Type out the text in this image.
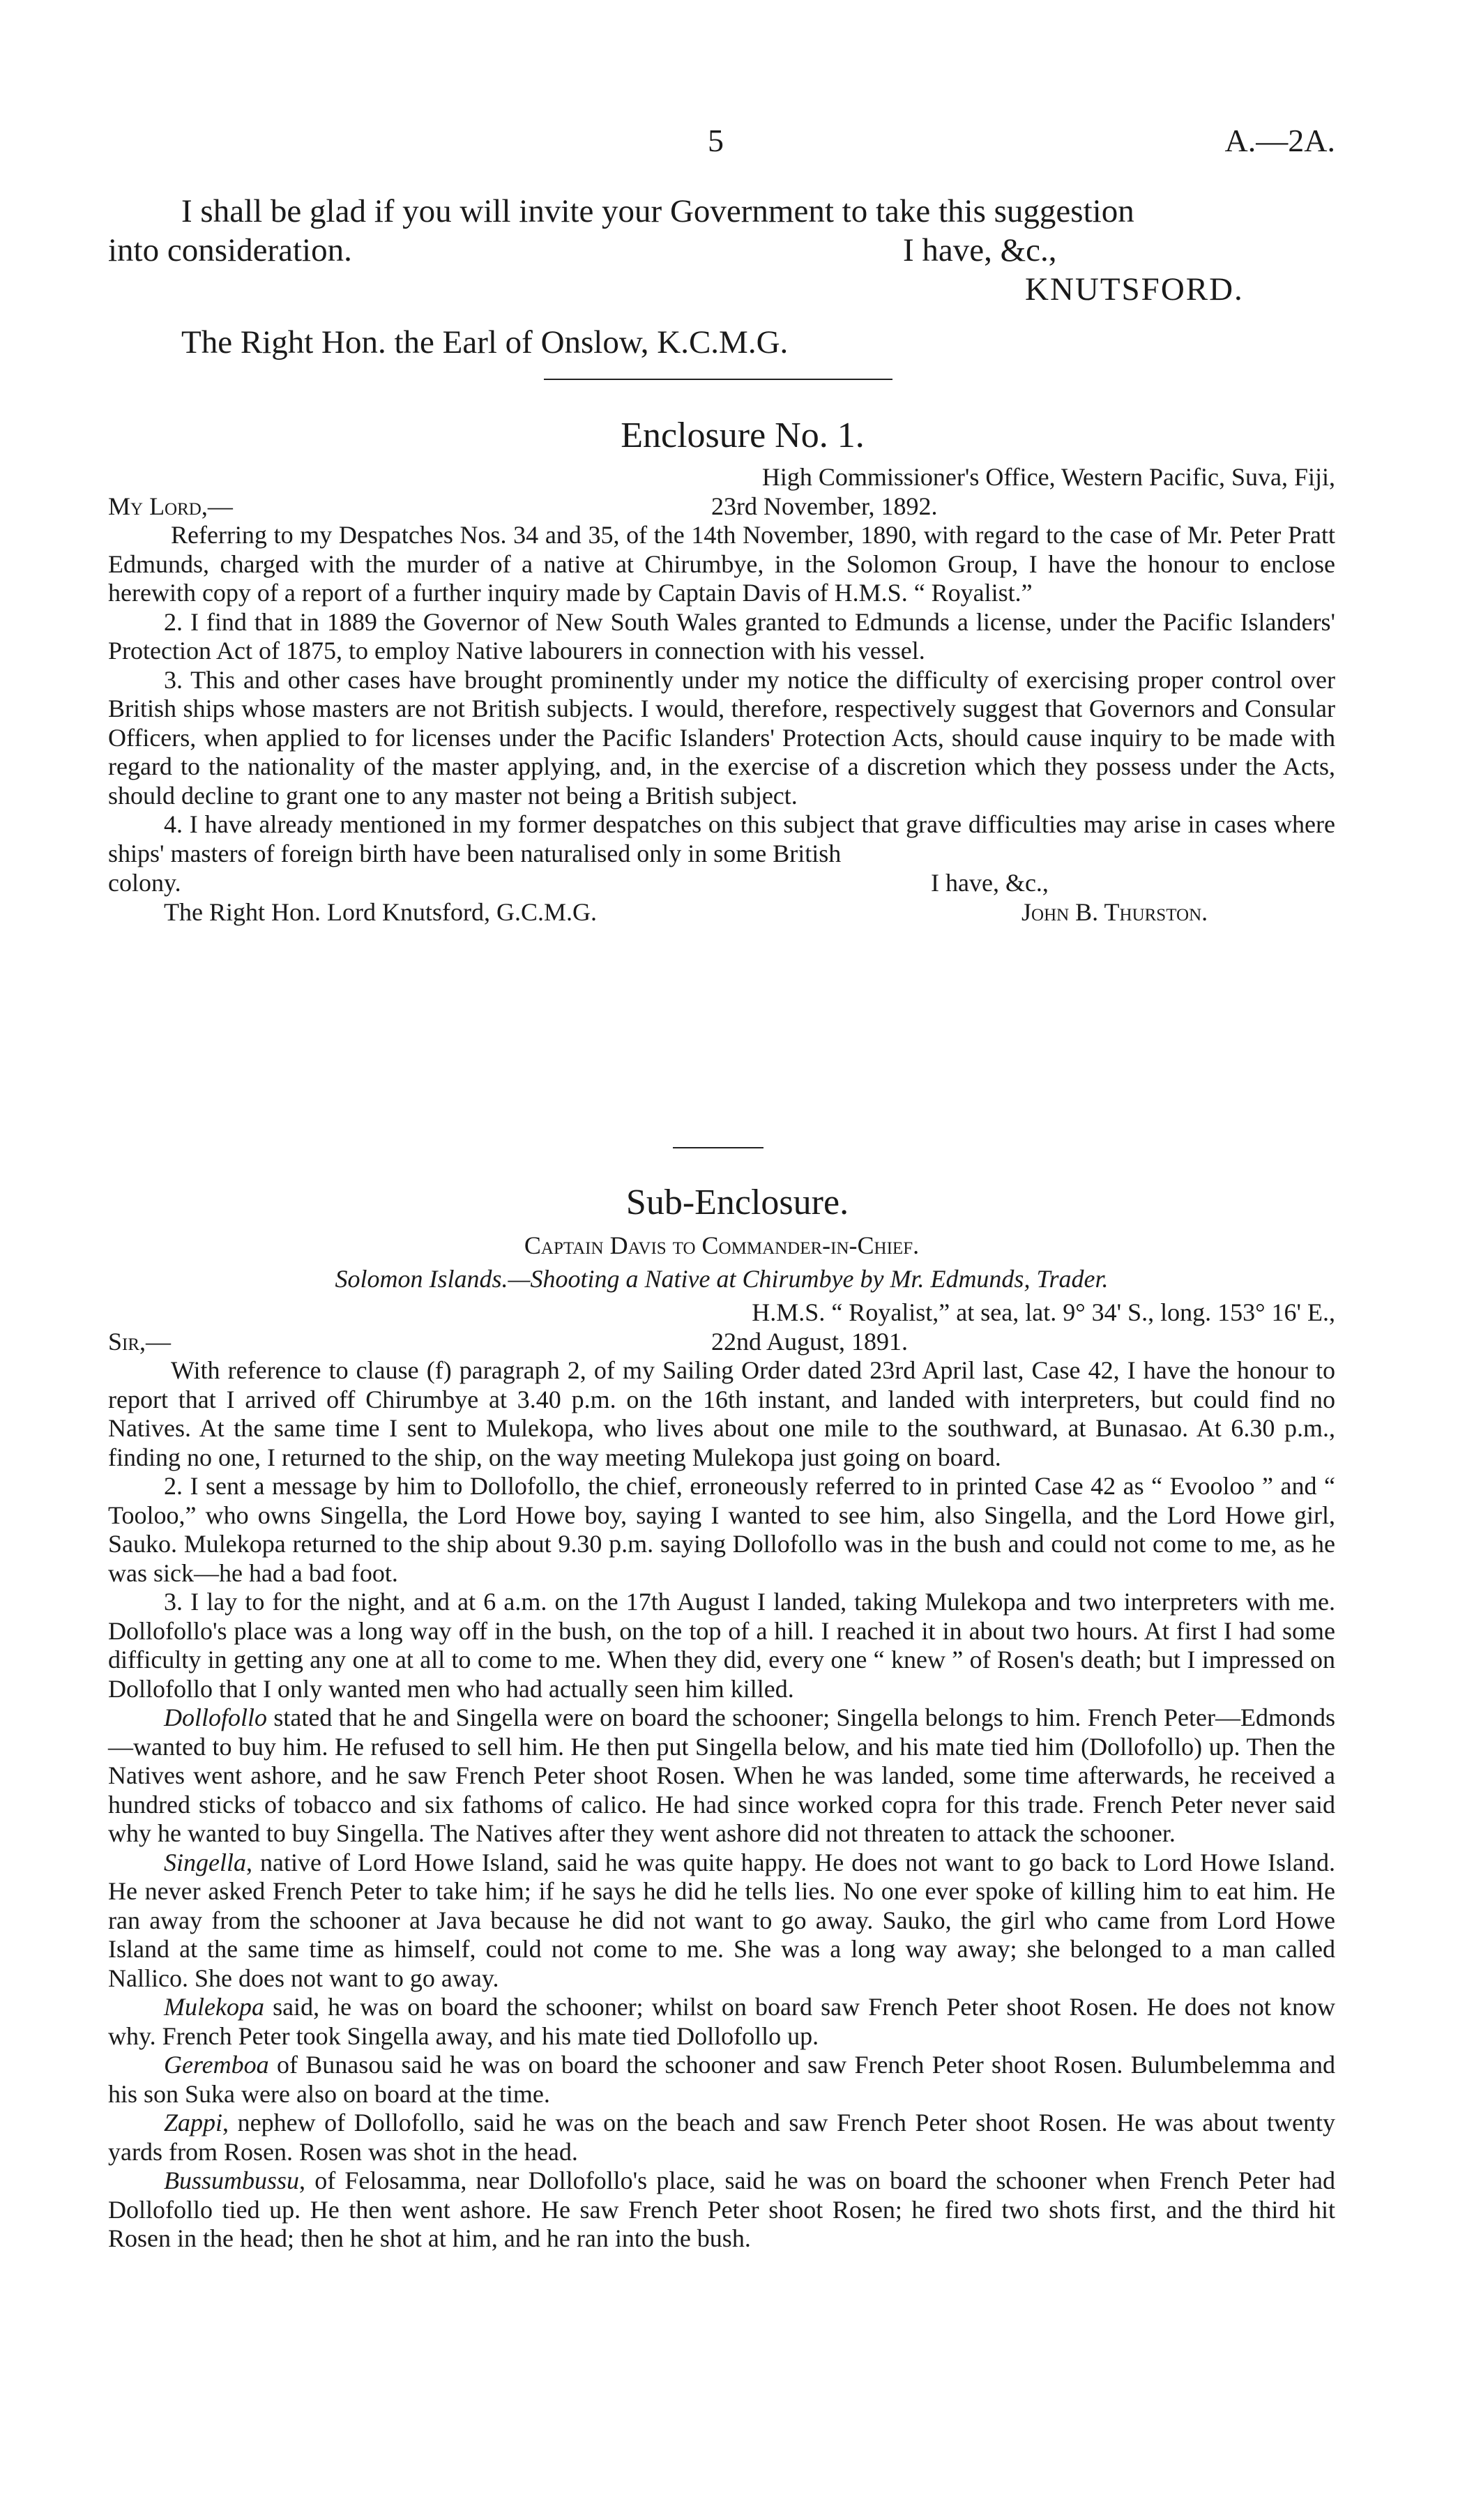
5	A.—2A.
I shall be glad if you will invite your Government to take this suggestion
into consideration.	I have, &c.,
KNUTSFORD.
The Right Hon. the Earl of Onslow, K.C.M.G.
Enclosure No. 1.
High Commissioner's Office, Western Pacific, Suva, Fiji,
My Lord,—	23rd November, 1892.

Referring to my Despatches Nos. 34 and 35, of the 14th November, 1890, with regard to the case of Mr. Peter Pratt Edmunds, charged with the murder of a native at Chirumbye, in the Solomon Group, I have the honour to enclose herewith copy of a report of a further inquiry made by Captain Davis of H.M.S. “ Royalist.”

2. I find that in 1889 the Governor of New South Wales granted to Edmunds a license, under the Pacific Islanders' Protection Act of 1875, to employ Native labourers in connection with his vessel.

3. This and other cases have brought prominently under my notice the difficulty of exercising proper control over British ships whose masters are not British subjects. I would, therefore, respectively suggest that Governors and Consular Officers, when applied to for licenses under the Pacific Islanders' Protection Acts, should cause inquiry to be made with regard to the nationality of the master applying, and, in the exercise of a discretion which they possess under the Acts, should decline to grant one to any master not being a British subject.

4. I have already mentioned in my former despatches on this subject that grave difficulties may arise in cases where ships' masters of foreign birth have been naturalised only in some British

colony.	I have, &c.,
The Right Hon. Lord Knutsford, G.C.M.G.	John B. Thurston.
Sub-Enclosure.
Captain Davis to Commander-in-Chief.
Solomon Islands.—Shooting a Native at Chirumbye by Mr. Edmunds, Trader.
H.M.S. “ Royalist,” at sea, lat. 9° 34' S., long. 153° 16' E.,
Sir,—	22nd August, 1891.

With reference to clause (f) paragraph 2, of my Sailing Order dated 23rd April last, Case 42, I have the honour to report that I arrived off Chirumbye at 3.40 p.m. on the 16th instant, and landed with interpreters, but could find no Natives. At the same time I sent to Mulekopa, who lives about one mile to the southward, at Bunasao. At 6.30 p.m., finding no one, I returned to the ship, on the way meeting Mulekopa just going on board.

2. I sent a message by him to Dollofollo, the chief, erroneously referred to in printed Case 42 as “ Evooloo ” and “ Tooloo,” who owns Singella, the Lord Howe boy, saying I wanted to see him, also Singella, and the Lord Howe girl, Sauko. Mulekopa returned to the ship about 9.30 p.m. saying Dollofollo was in the bush and could not come to me, as he was sick—he had a bad foot.

3. I lay to for the night, and at 6 a.m. on the 17th August I landed, taking Mulekopa and two interpreters with me. Dollofollo's place was a long way off in the bush, on the top of a hill. I reached it in about two hours. At first I had some difficulty in getting any one at all to come to me. When they did, every one “ knew ” of Rosen's death; but I impressed on Dollofollo that I only wanted men who had actually seen him killed.

Dollofollo stated that he and Singella were on board the schooner; Singella belongs to him. French Peter—Edmonds—wanted to buy him. He refused to sell him. He then put Singella below, and his mate tied him (Dollofollo) up. Then the Natives went ashore, and he saw French Peter shoot Rosen. When he was landed, some time afterwards, he received a hundred sticks of tobacco and six fathoms of calico. He had since worked copra for this trade. French Peter never said why he wanted to buy Singella. The Natives after they went ashore did not threaten to attack the schooner.

Singella, native of Lord Howe Island, said he was quite happy. He does not want to go back to Lord Howe Island. He never asked French Peter to take him; if he says he did he tells lies. No one ever spoke of killing him to eat him. He ran away from the schooner at Java because he did not want to go away. Sauko, the girl who came from Lord Howe Island at the same time as himself, could not come to me. She was a long way away; she belonged to a man called Nallico. She does not want to go away.

Mulekopa said, he was on board the schooner; whilst on board saw French Peter shoot Rosen. He does not know why. French Peter took Singella away, and his mate tied Dollofollo up.

Geremboa of Bunasou said he was on board the schooner and saw French Peter shoot Rosen. Bulumbelemma and his son Suka were also on board at the time.

Zappi, nephew of Dollofollo, said he was on the beach and saw French Peter shoot Rosen. He was about twenty yards from Rosen. Rosen was shot in the head.

Bussumbussu, of Felosamma, near Dollofollo's place, said he was on board the schooner when French Peter had Dollofollo tied up. He then went ashore. He saw French Peter shoot Rosen; he fired two shots first, and the third hit Rosen in the head; then he shot at him, and he ran into the bush.
